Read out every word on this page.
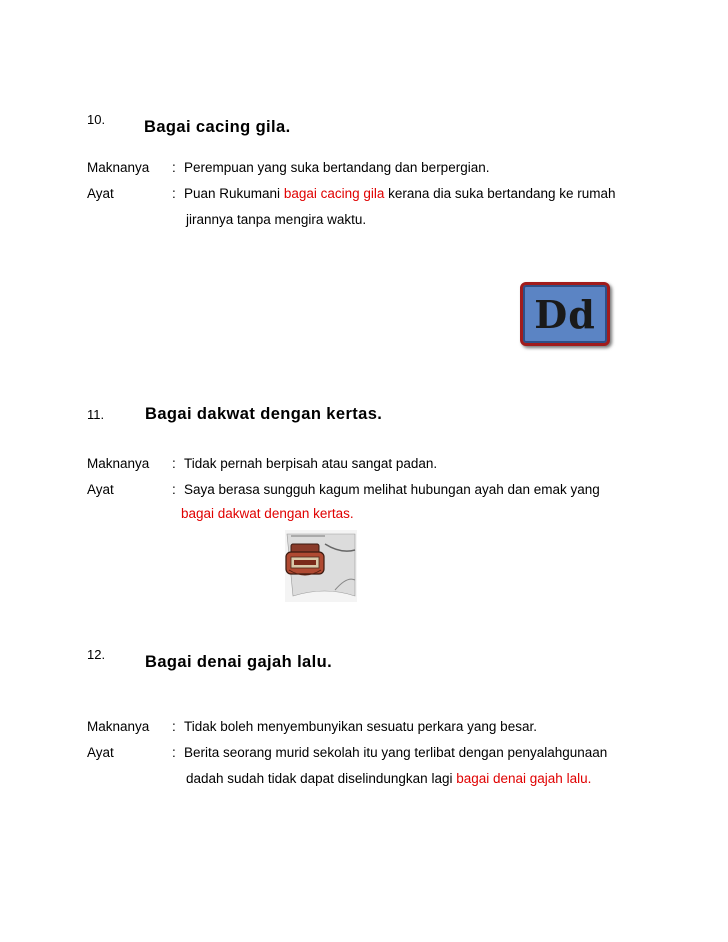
10. Bagai cacing gila.
Maknanya : Perempuan yang suka bertandang dan berpergian.
Ayat	: Puan Rukumani bagai cacing gila kerana dia suka bertandang ke rumah
jirannya tanpa mengira waktu.
Dd
11. Bagai dakwat dengan kertas.
Maknanya : Tidak pernah berpisah atau sangat padan.
Ayat	: Saya berasa sungguh kagum melihat hubungan ayah dan emak yang
bagai dakwat dengan kertas.
12. Bagai denai gajah lalu.
Maknanya : Tidak boleh menyembunyikan sesuatu perkara yang besar.
Ayat	: Berita seorang murid sekolah itu yang terlibat dengan penyalahgunaan
dadah sudah tidak dapat diselindungkan lagi bagai denai gajah lalu.
